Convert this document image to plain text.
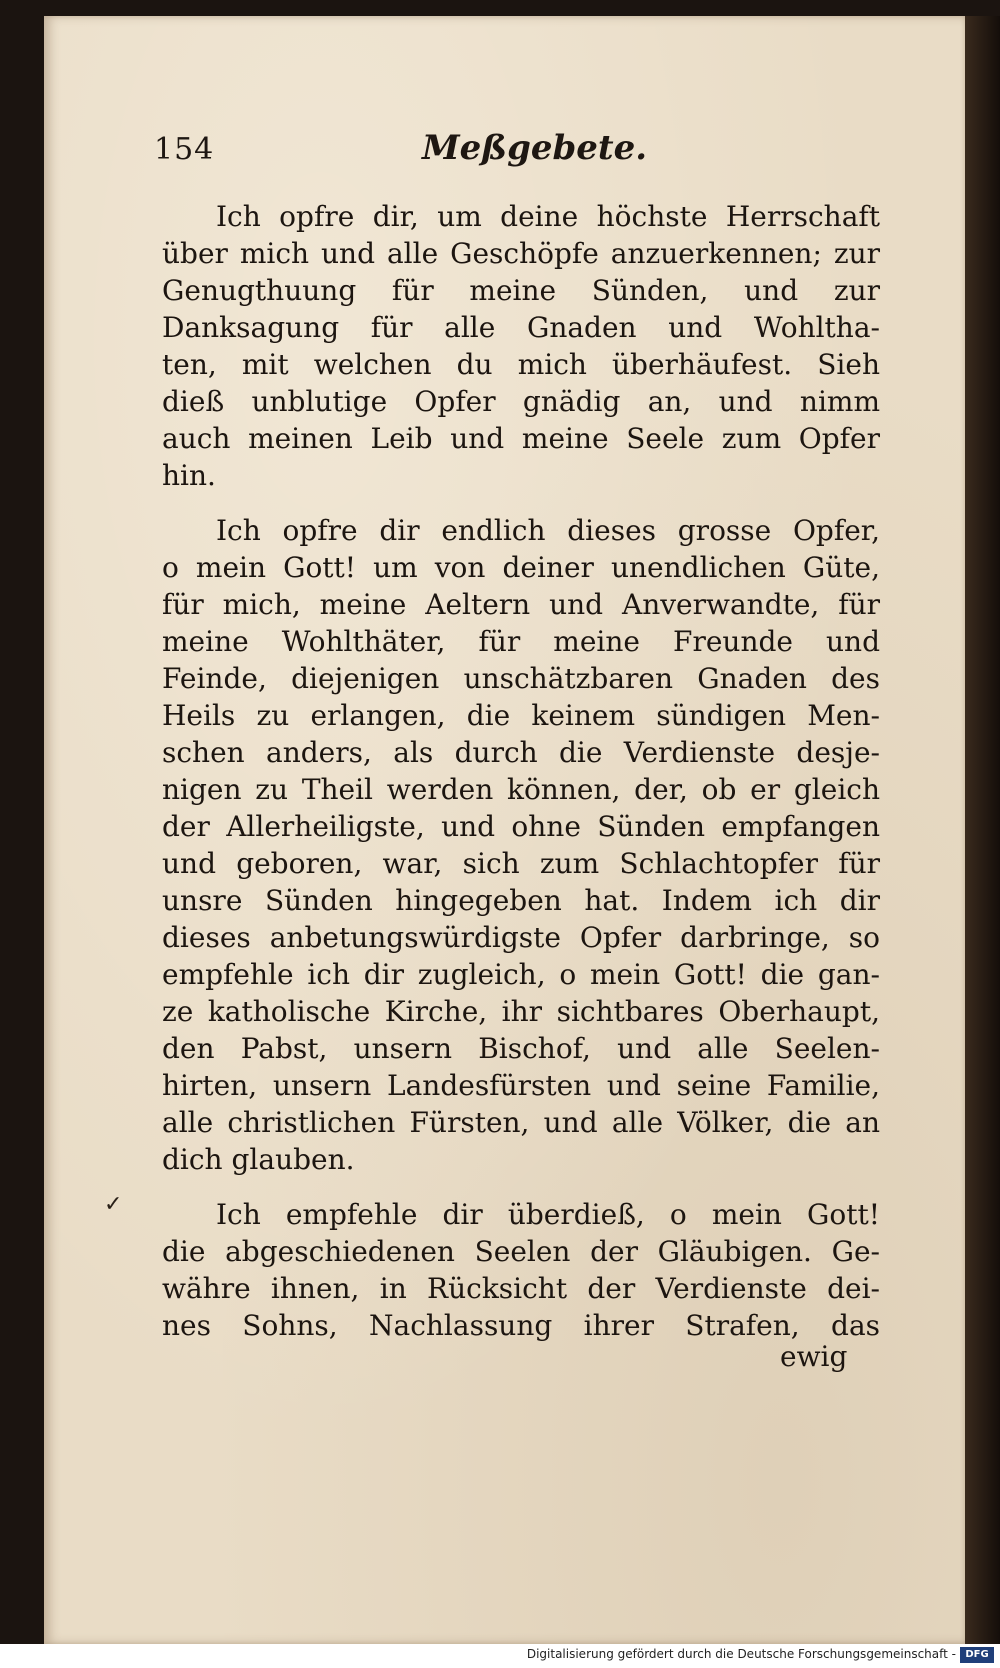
154	Meßgebete.
✓
Ich opfre dir, um deine höchste Herrschaft
über mich und alle Geschöpfe anzuerkennen; zur
Genugthuung für meine Sünden, und zur
Danksagung für alle Gnaden und Wohltha-
ten, mit welchen du mich überhäufest. Sieh
dieß unblutige Opfer gnädig an, und nimm
auch meinen Leib und meine Seele zum Opfer
hin.
Ich opfre dir endlich dieses grosse Opfer,
o mein Gott! um von deiner unendlichen Güte,
für mich, meine Aeltern und Anverwandte, für
meine Wohlthäter, für meine Freunde und
Feinde, diejenigen unschätzbaren Gnaden des
Heils zu erlangen, die keinem sündigen Men-
schen anders, als durch die Verdienste desje-
nigen zu Theil werden können, der, ob er gleich
der Allerheiligste, und ohne Sünden empfangen
und geboren, war, sich zum Schlachtopfer für
unsre Sünden hingegeben hat. Indem ich dir
dieses anbetungswürdigste Opfer darbringe, so
empfehle ich dir zugleich, o mein Gott! die gan-
ze katholische Kirche, ihr sichtbares Oberhaupt,
den Pabst, unsern Bischof, und alle Seelen-
hirten, unsern Landesfürsten und seine Familie,
alle christlichen Fürsten, und alle Völker, die an
dich glauben.
Ich empfehle dir überdieß, o mein Gott!
die abgeschiedenen Seelen der Gläubigen. Ge-
währe ihnen, in Rücksicht der Verdienste dei-
nes Sohns, Nachlassung ihrer Strafen, das
ewig
Digitalisierung gefördert durch die Deutsche Forschungsgemeinschaft - DFG
